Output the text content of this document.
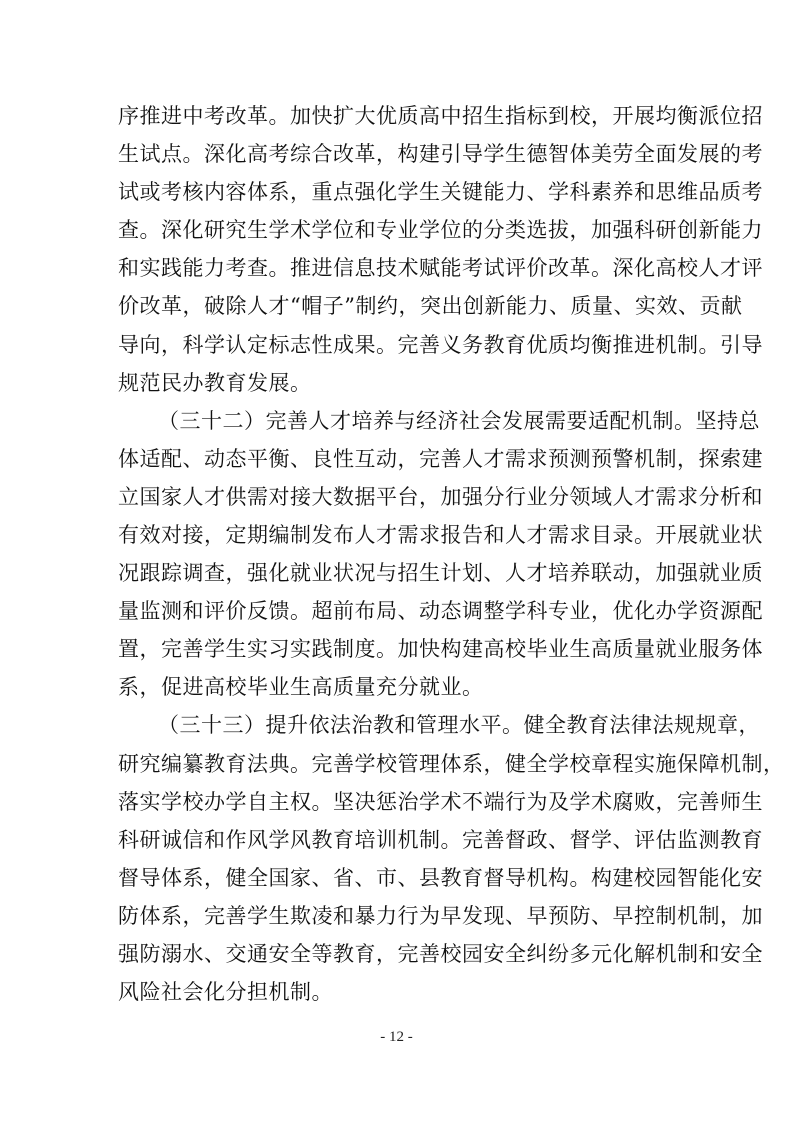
序推进中考改革。加快扩大优质高中招生指标到校，开展均衡派位招
生试点。深化高考综合改革，构建引导学生德智体美劳全面发展的考
试或考核内容体系，重点强化学生关键能力、学科素养和思维品质考
查。深化研究生学术学位和专业学位的分类选拔，加强科研创新能力
和实践能力考查。推进信息技术赋能考试评价改革。深化高校人才评
价改革，破除人才“帽子”制约，突出创新能力、质量、实效、贡献
导向，科学认定标志性成果。完善义务教育优质均衡推进机制。引导
规范民办教育发展。
（三十二）完善人才培养与经济社会发展需要适配机制。坚持总
体适配、动态平衡、良性互动，完善人才需求预测预警机制，探索建
立国家人才供需对接大数据平台，加强分行业分领域人才需求分析和
有效对接，定期编制发布人才需求报告和人才需求目录。开展就业状
况跟踪调查，强化就业状况与招生计划、人才培养联动，加强就业质
量监测和评价反馈。超前布局、动态调整学科专业，优化办学资源配
置，完善学生实习实践制度。加快构建高校毕业生高质量就业服务体
系，促进高校毕业生高质量充分就业。
（三十三）提升依法治教和管理水平。健全教育法律法规规章，
研究编纂教育法典。完善学校管理体系，健全学校章程实施保障机制，
落实学校办学自主权。坚决惩治学术不端行为及学术腐败，完善师生
科研诚信和作风学风教育培训机制。完善督政、督学、评估监测教育
督导体系，健全国家、省、市、县教育督导机构。构建校园智能化安
防体系，完善学生欺凌和暴力行为早发现、早预防、早控制机制，加
强防溺水、交通安全等教育，完善校园安全纠纷多元化解机制和安全
风险社会化分担机制。
- 12 -
